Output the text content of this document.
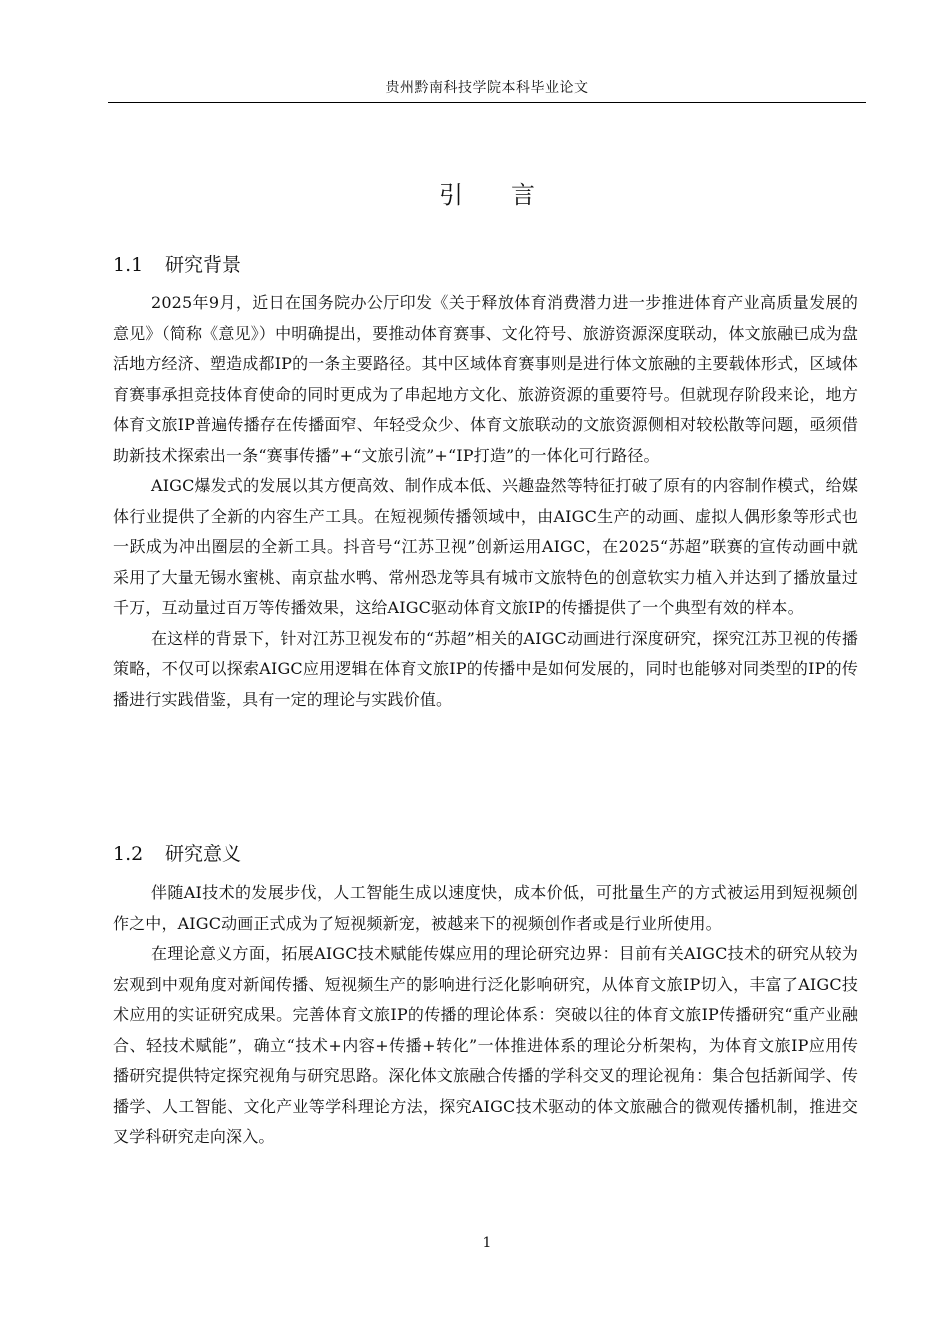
贵州黔南科技学院本科毕业论文
引　　言
1.1 研究背景

2025年9月，近日在国务院办公厅印发《关于释放体育消费潜力进一步推进体育产业高质量发展的意见》（简称《意见》）中明确提出，要推动体育赛事、文化符号、旅游资源深度联动，体文旅融已成为盘活地方经济、塑造成都IP的一条主要路径。其中区域体育赛事则是进行体文旅融的主要载体形式，区域体育赛事承担竞技体育使命的同时更成为了串起地方文化、旅游资源的重要符号。但就现存阶段来论，地方体育文旅IP普遍传播存在传播面窄、年轻受众少、体育文旅联动的文旅资源侧相对较松散等问题，亟须借助新技术探索出一条“赛事传播”+“文旅引流”+“IP打造”的一体化可行路径。

AIGC爆发式的发展以其方便高效、制作成本低、兴趣盎然等特征打破了原有的内容制作模式，给媒体行业提供了全新的内容生产工具。在短视频传播领域中，由AIGC生产的动画、虚拟人偶形象等形式也一跃成为冲出圈层的全新工具。抖音号“江苏卫视”创新运用AIGC，在2025“苏超”联赛的宣传动画中就采用了大量无锡水蜜桃、南京盐水鸭、常州恐龙等具有城市文旅特色的创意软实力植入并达到了播放量过千万，互动量过百万等传播效果，这给AIGC驱动体育文旅IP的传播提供了一个典型有效的样本。

在这样的背景下，针对江苏卫视发布的“苏超”相关的AIGC动画进行深度研究，探究江苏卫视的传播策略，不仅可以探索AIGC应用逻辑在体育文旅IP的传播中是如何发展的，同时也能够对同类型的IP的传播进行实践借鉴，具有一定的理论与实践价值。

1.2 研究意义

伴随AI技术的发展步伐，人工智能生成以速度快，成本价低，可批量生产的方式被运用到短视频创作之中，AIGC动画正式成为了短视频新宠，被越来下的视频创作者或是行业所使用。

在理论意义方面，拓展AIGC技术赋能传媒应用的理论研究边界：目前有关AIGC技术的研究从较为宏观到中观角度对新闻传播、短视频生产的影响进行泛化影响研究，从体育文旅IP切入，丰富了AIGC技术应用的实证研究成果。完善体育文旅IP的传播的理论体系：突破以往的体育文旅IP传播研究“重产业融合、轻技术赋能”，确立“技术+内容+传播+转化”一体推进体系的理论分析架构，为体育文旅IP应用传播研究提供特定探究视角与研究思路。深化体文旅融合传播的学科交叉的理论视角：集合包括新闻学、传播学、人工智能、文化产业等学科理论方法，探究AIGC技术驱动的体文旅融合的微观传播机制，推进交叉学科研究走向深入。

1
